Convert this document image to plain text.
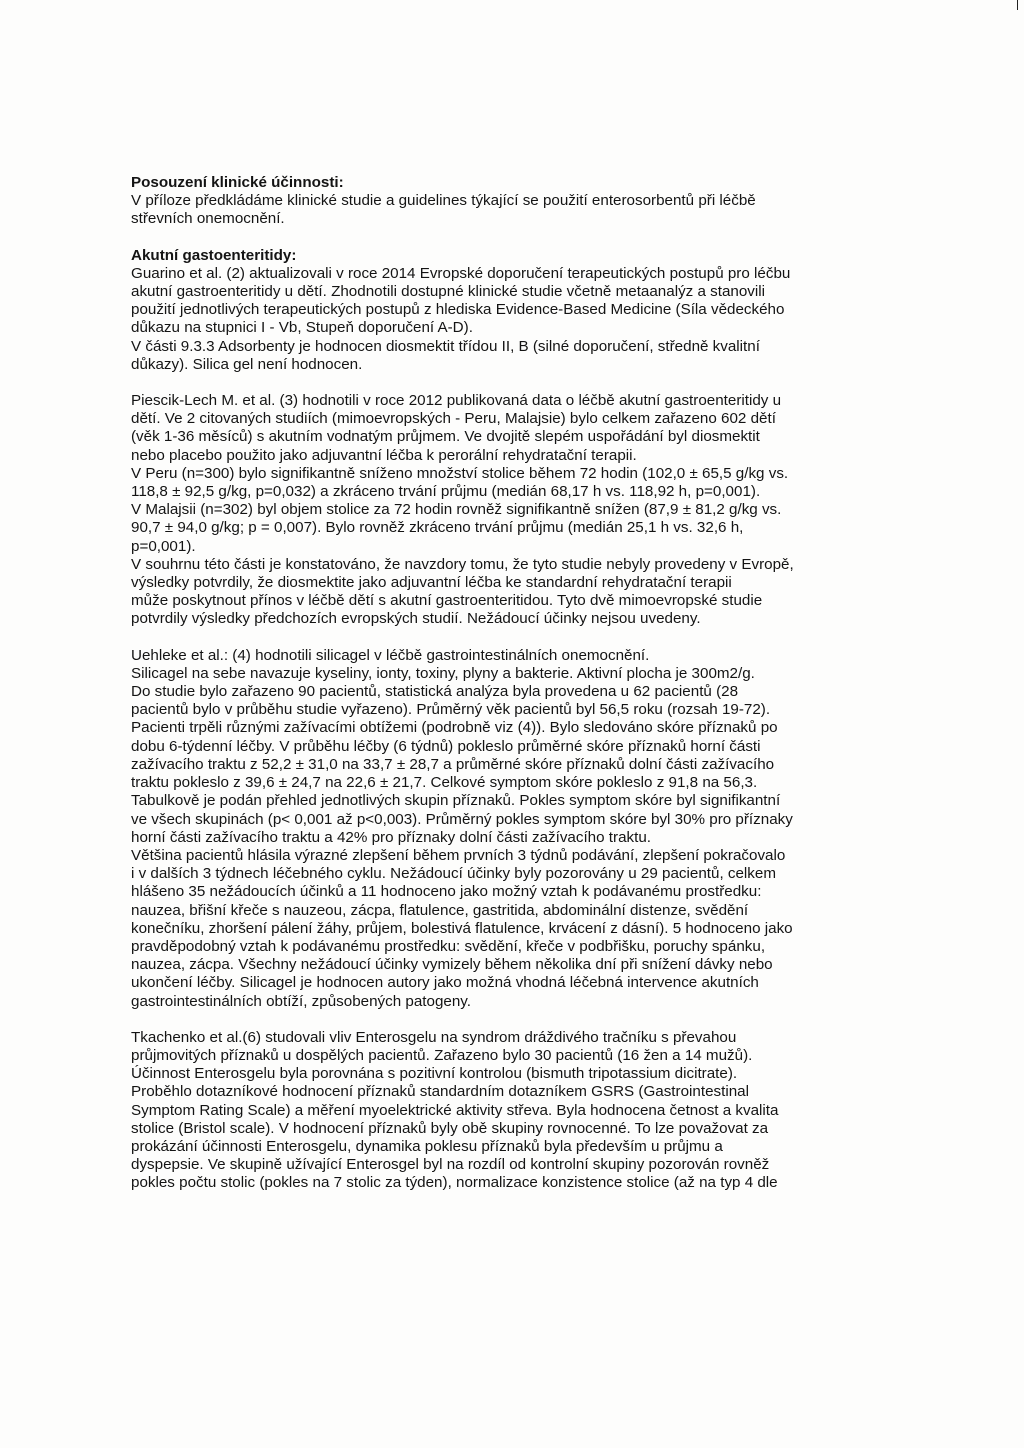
Posouzení klinické účinnosti:
V příloze předkládáme klinické studie a guidelines týkající se použití enterosorbentů při léčbě
střevních onemocnění.
Akutní gastoenteritidy:
Guarino et al. (2) aktualizovali v roce 2014 Evropské doporučení terapeutických postupů pro léčbu
akutní gastroenteritidy u dětí. Zhodnotili dostupné klinické studie včetně metaanalýz a stanovili
použití jednotlivých terapeutických postupů z hlediska Evidence-Based Medicine (Síla vědeckého
důkazu na stupnici I - Vb, Stupeň doporučení A-D).
V části 9.3.3 Adsorbenty je hodnocen diosmektit třídou II, B (silné doporučení, středně kvalitní
důkazy). Silica gel není hodnocen.
Piescik-Lech M. et al. (3) hodnotili v roce 2012 publikovaná data o léčbě akutní gastroenteritidy u
dětí. Ve 2 citovaných studiích (mimoevropských - Peru, Malajsie) bylo celkem zařazeno 602 dětí
(věk 1-36 měsíců) s akutním vodnatým průjmem. Ve dvojitě slepém uspořádání byl diosmektit
nebo placebo použito jako adjuvantní léčba k perorální rehydratační terapii.
V Peru (n=300) bylo signifikantně sníženo množství stolice během 72 hodin (102,0 ± 65,5 g/kg vs.
118,8 ± 92,5 g/kg, p=0,032) a zkráceno trvání průjmu (medián 68,17 h vs. 118,92 h, p=0,001).
V Malajsii (n=302) byl objem stolice za 72 hodin rovněž signifikantně snížen (87,9 ± 81,2 g/kg vs.
90,7 ± 94,0 g/kg; p = 0,007). Bylo rovněž zkráceno trvání průjmu (medián 25,1 h vs. 32,6 h,
p=0,001).
V souhrnu této části je konstatováno, že navzdory tomu, že tyto studie nebyly provedeny v Evropě,
výsledky potvrdily, že diosmektite jako adjuvantní léčba ke standardní rehydratační terapii
může poskytnout přínos v léčbě dětí s akutní gastroenteritidou. Tyto dvě mimoevropské studie
potvrdily výsledky předchozích evropských studií. Nežádoucí účinky nejsou uvedeny.
Uehleke et al.: (4) hodnotili silicagel v léčbě gastrointestinálních onemocnění.
Silicagel na sebe navazuje kyseliny, ionty, toxiny, plyny a bakterie. Aktivní plocha je 300m2/g.
Do studie bylo zařazeno 90 pacientů, statistická analýza byla provedena u 62 pacientů (28
pacientů bylo v průběhu studie vyřazeno). Průměrný věk pacientů byl 56,5 roku (rozsah 19-72).
Pacienti trpěli různými zažívacími obtížemi (podrobně viz (4)). Bylo sledováno skóre příznaků po
dobu 6-týdenní léčby. V průběhu léčby (6 týdnů) pokleslo průměrné skóre příznaků horní části
zažívacího traktu z 52,2 ± 31,0 na 33,7 ± 28,7 a průměrné skóre příznaků dolní části zažívacího
traktu pokleslo z 39,6 ± 24,7 na 22,6 ± 21,7. Celkové symptom skóre pokleslo z 91,8 na 56,3.
Tabulkově je podán přehled jednotlivých skupin příznaků. Pokles symptom skóre byl signifikantní
ve všech skupinách (p< 0,001 až p<0,003). Průměrný pokles symptom skóre byl 30% pro příznaky
horní části zažívacího traktu a 42% pro příznaky dolní části zažívacího traktu.
Většina pacientů hlásila výrazné zlepšení během prvních 3 týdnů podávání, zlepšení pokračovalo
i v dalších 3 týdnech léčebného cyklu. Nežádoucí účinky byly pozorovány u 29 pacientů, celkem
hlášeno 35 nežádoucích účinků a 11 hodnoceno jako možný vztah k podávanému prostředku:
nauzea, břišní křeče s nauzeou, zácpa, flatulence, gastritida, abdominální distenze, svědění
konečníku, zhoršení pálení žáhy, průjem, bolestivá flatulence, krvácení z dásní). 5 hodnoceno jako
pravděpodobný vztah k podávanému prostředku: svědění, křeče v podbřišku, poruchy spánku,
nauzea, zácpa. Všechny nežádoucí účinky vymizely během několika dní při snížení dávky nebo
ukončení léčby. Silicagel je hodnocen autory jako možná vhodná léčebná intervence akutních
gastrointestinálních obtíží, způsobených patogeny.
Tkachenko et al.(6) studovali vliv Enterosgelu na syndrom dráždivého tračníku s převahou
průjmovitých příznaků u dospělých pacientů. Zařazeno bylo 30 pacientů (16 žen a 14 mužů).
Účinnost Enterosgelu byla porovnána s pozitivní kontrolou (bismuth tripotassium dicitrate).
Proběhlo dotazníkové hodnocení příznaků standardním dotazníkem GSRS (Gastrointestinal
Symptom Rating Scale) a měření myoelektrické aktivity střeva. Byla hodnocena četnost a kvalita
stolice (Bristol scale). V hodnocení příznaků byly obě skupiny rovnocenné. To lze považovat za
prokázání účinnosti Enterosgelu, dynamika poklesu příznaků byla především u průjmu a
dyspepsie. Ve skupině užívající Enterosgel byl na rozdíl od kontrolní skupiny pozorován rovněž
pokles počtu stolic (pokles na 7 stolic za týden), normalizace konzistence stolice (až na typ 4 dle
